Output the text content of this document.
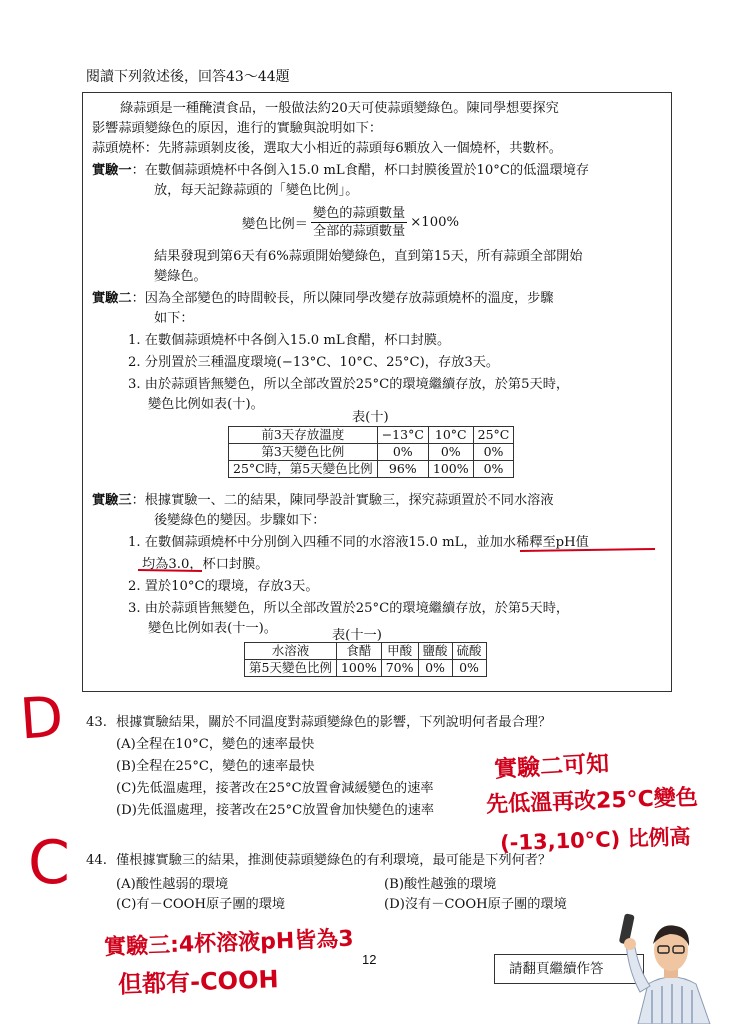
閱讀下列敘述後，回答43～44題
綠蒜頭是一種醃漬食品，一般做法約20天可使蒜頭變綠色。陳同學想要探究
影響蒜頭變綠色的原因，進行的實驗與說明如下：
蒜頭燒杯：先將蒜頭剝皮後，選取大小相近的蒜頭每6顆放入一個燒杯，共數杯。
實驗一：在數個蒜頭燒杯中各倒入15.0 mL食醋，杯口封膜後置於10°C的低溫環境存
放，每天記錄蒜頭的「變色比例」。
變色比例＝ $\frac{\text{變色的蒜頭數量}}{\text{全部的蒜頭數量}} \times 100\%$
結果發現到第6天有6%蒜頭開始變綠色，直到第15天，所有蒜頭全部開始
變綠色。
實驗二：因為全部變色的時間較長，所以陳同學改變存放蒜頭燒杯的溫度，步驟
如下：
1. 在數個蒜頭燒杯中各倒入15.0 mL食醋，杯口封膜。
2. 分別置於三種溫度環境(−13°C、10°C、25°C)，存放3天。
3. 由於蒜頭皆無變色，所以全部改置於25°C的環境繼續存放，於第5天時，
變色比例如表(十)。
表(十)
前3天存放溫度	−13°C	10°C	25°C
第3天變色比例	0%	0%	0%
25°C時，第5天變色比例	96%	100%	0%
實驗三：根據實驗一、二的結果，陳同學設計實驗三，探究蒜頭置於不同水溶液
後變綠色的變因。步驟如下：
1. 在數個蒜頭燒杯中分別倒入四種不同的水溶液15.0 mL，並加水稀釋至pH值
均為3.0，杯口封膜。
2. 置於10°C的環境，存放3天。
3. 由於蒜頭皆無變色，所以全部改置於25°C的環境繼續存放，於第5天時，
變色比例如表(十一)。	表(十一)
水溶液	食醋	甲酸	鹽酸	硫酸
第5天變色比例	100%	70%	0%	0%
43. 根據實驗結果，關於不同溫度對蒜頭變綠色的影響，下列說明何者最合理？
(A)全程在10°C，變色的速率最快
(B)全程在25°C，變色的速率最快
(C)先低溫處理，接著改在25°C放置會減緩變色的速率
(D)先低溫處理，接著改在25°C放置會加快變色的速率
44. 僅根據實驗三的結果，推測使蒜頭變綠色的有利環境，最可能是下列何者？
(A)酸性越弱的環境	(B)酸性越強的環境
(C)有－COOH原子團的環境	(D)沒有－COOH原子團的環境
D
C
實驗二可知
先低溫再改25°C變色
(-13,10°C) 比例高
實驗三:4杯溶液pH皆為3
但都有-COOH
12
請翻頁繼續作答
